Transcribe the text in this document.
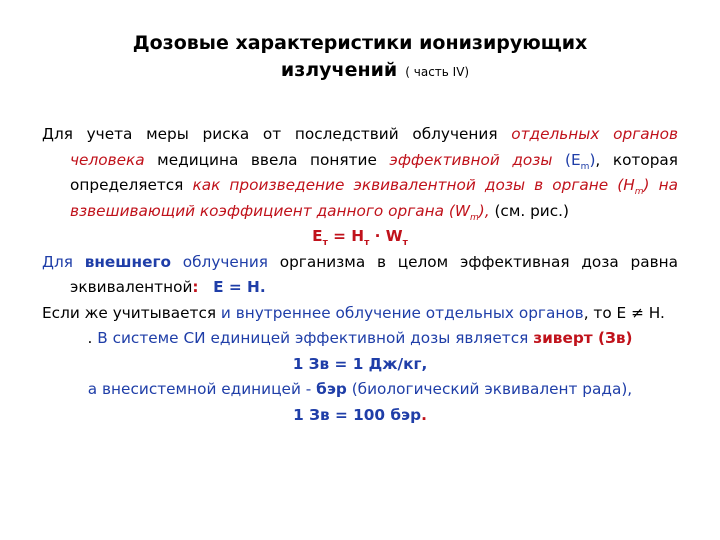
Дозовые характеристики ионизирующих
излучений ( часть IV)

Для учета меры риска от последствий облучения отдельных органов человека медицина ввела понятие эффективной дозы $(E_m)$, которая определяется как произведение эквивалентной дозы в органе $(H_m)$ на взвешивающий коэффициент данного органа $(W_m)$, (см. рис.)

$E_т = H_т \cdot W_т$

Для внешнего облучения организма в целом эффективная доза равна эквивалентной: E = H.

Если же учитывается и внутреннее облучение отдельных органов, то E ≠ H.

. В системе СИ единицей эффективной дозы является зиверт (Зв)

1 Зв = 1 Дж/кг,

а внесистемной единицей - бэр (биологический эквивалент рада),

1 Зв = 100 бэр.
